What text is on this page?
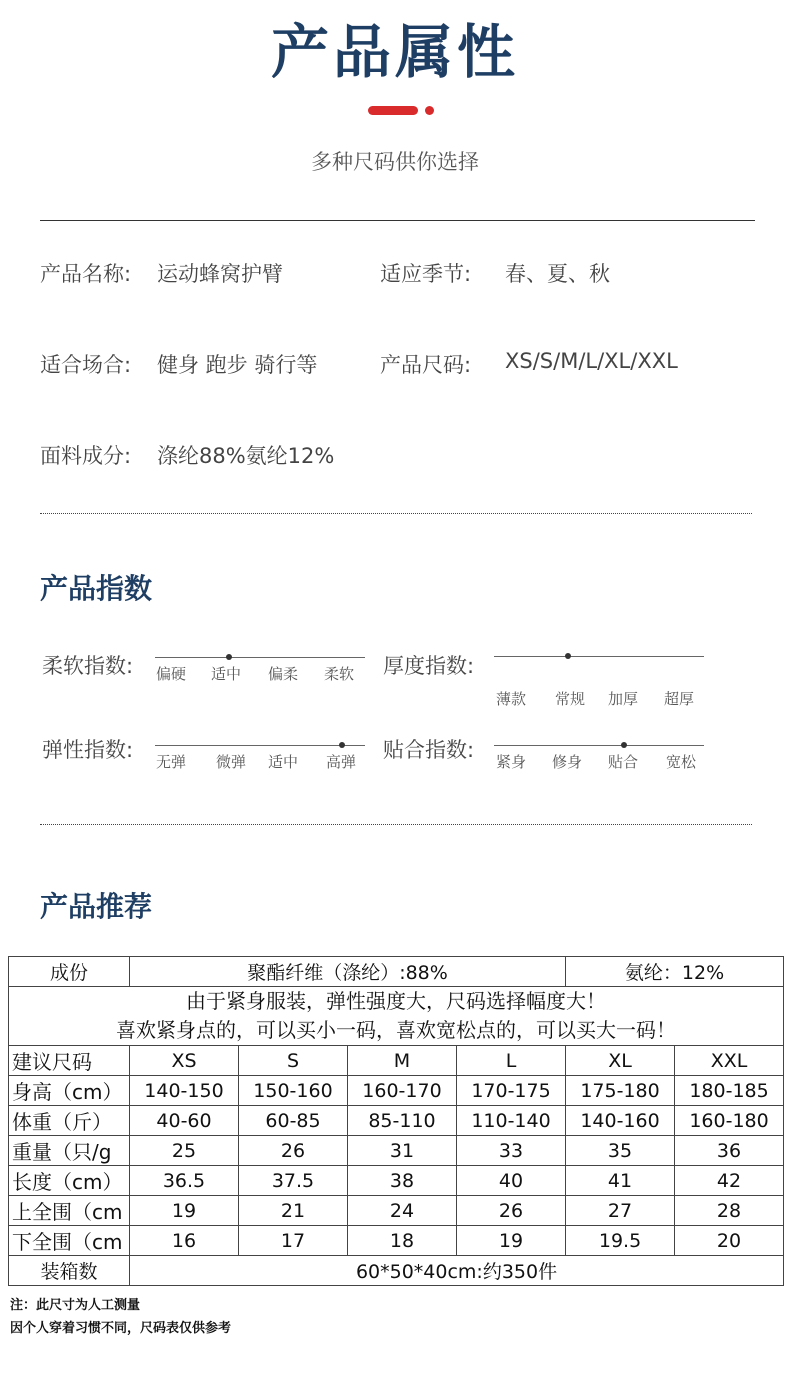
产品属性
多种尺码供你选择
产品名称: 运动蜂窝护臂	适应季节: 春、夏、秋
适合场合: 健身 跑步 骑行等	产品尺码: XS/S/M/L/XL/XXL
面料成分: 涤纶88%氨纶12%
产品指数
柔软指数: 偏硬 适中 偏柔 柔软 厚度指数:
薄款 常规 加厚 超厚
弹性指数: 无弹 微弹 适中 高弹 贴合指数: 紧身 修身 贴合 宽松
产品推荐
成份	聚酯纤维（涤纶）:88%				氨纶：12%	

由于紧身服装，弹性强度大，尺码选择幅度大！
喜欢紧身点的，可以买小一码，喜欢宽松点的，可以买大一码！						

建议尺码	XS	S	M	L	XL	XXL
身高（cm）	140-150	150-160	160-170	170-175	175-180	180-185
体重（斤）	40-60	60-85	85-110	110-140	140-160	160-180
重量（只/g	25	26	31	33	35	36
长度（cm）	36.5	37.5	38	40	41	42
上全围（cm	19	21	24	26	27	28
下全围（cm	16	17	18	19	19.5	20
装箱数	60*50*40cm:约350件					
注：此尺寸为人工测量
因个人穿着习惯不同，尺码表仅供参考
